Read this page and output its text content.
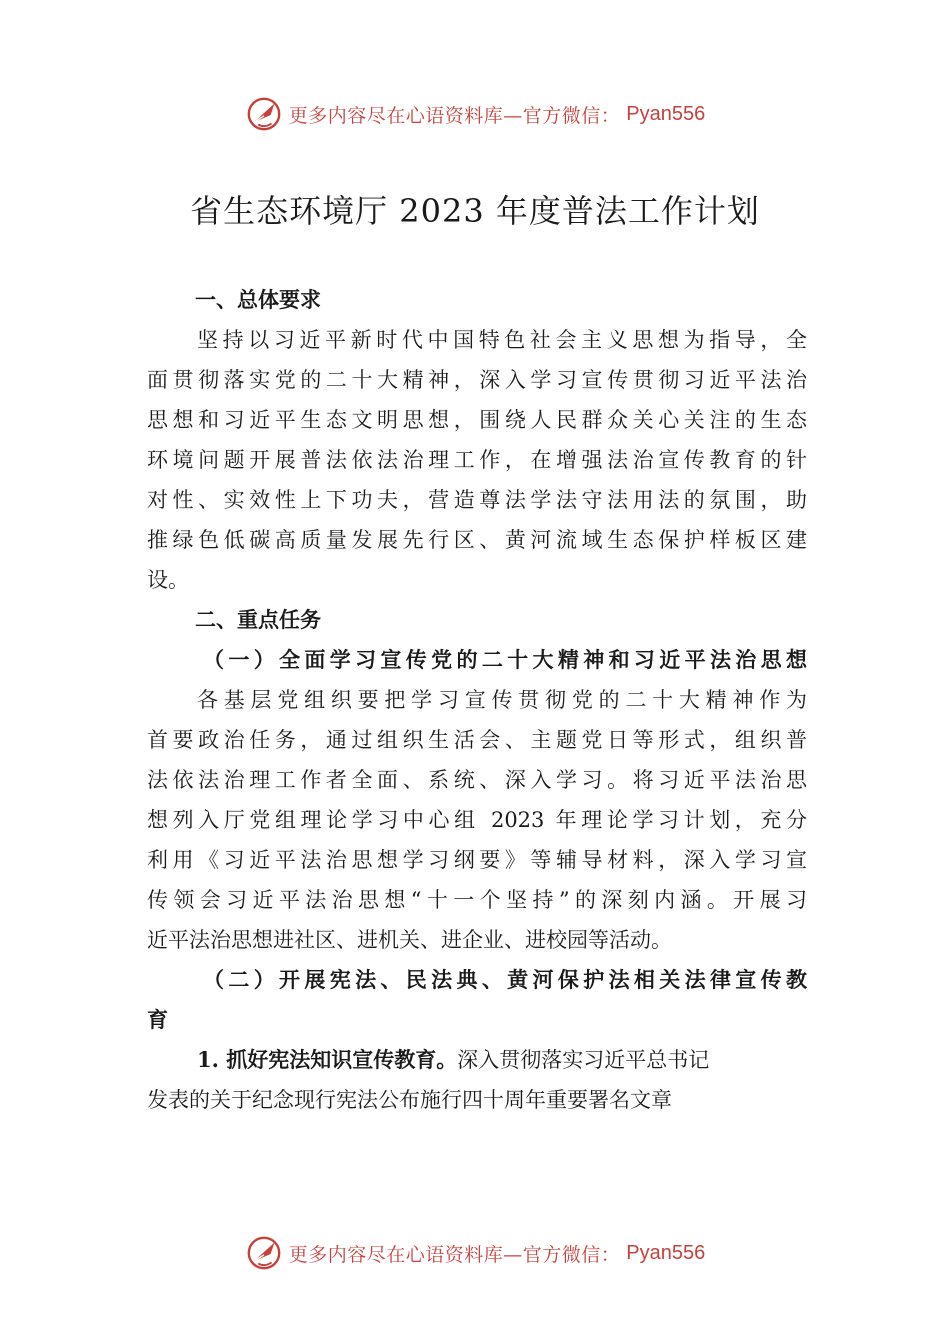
更多内容尽在心语资料库—官方微信： Pyan556
省生态环境厅 2023 年度普法工作计划
一、总体要求
坚持以习近平新时代中国特色社会主义思想为指导，全
面贯彻落实党的二十大精神，深入学习宣传贯彻习近平法治
思想和习近平生态文明思想，围绕人民群众关心关注的生态
环境问题开展普法依法治理工作，在增强法治宣传教育的针
对性、实效性上下功夫，营造尊法学法守法用法的氛围，助
推绿色低碳高质量发展先行区、黄河流域生态保护样板区建
设。
二、重点任务
（一）全面学习宣传党的二十大精神和习近平法治思想
各基层党组织要把学习宣传贯彻党的二十大精神作为
首要政治任务，通过组织生活会、主题党日等形式，组织普
法依法治理工作者全面、系统、深入学习。将习近平法治思
想列入厅党组理论学习中心组 2023 年理论学习计划，充分
利用《习近平法治思想学习纲要》等辅导材料，深入学习宣
传领会习近平法治思想“十一个坚持”的深刻内涵。开展习
近平法治思想进社区、进机关、进企业、进校园等活动。
（二）开展宪法、民法典、黄河保护法相关法律宣传教
育
1. 抓好宪法知识宣传教育。深入贯彻落实习近平总书记
发表的关于纪念现行宪法公布施行四十周年重要署名文章
更多内容尽在心语资料库—官方微信： Pyan556
